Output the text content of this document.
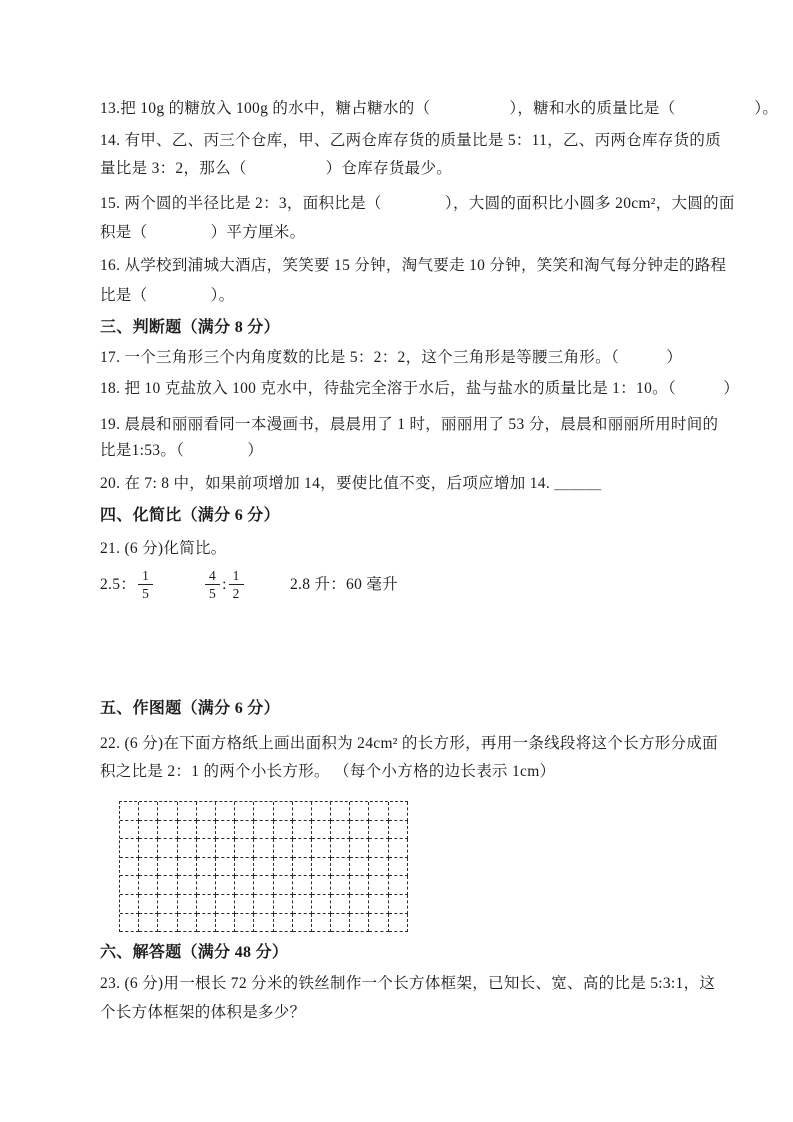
13.把 10g 的糖放入 100g 的水中，糖占糖水的（　　　　　），糖和水的质量比是（　　　　　）。
14. 有甲、乙、丙三个仓库，甲、乙两仓库存货的质量比是 5：11，乙、丙两仓库存货的质
量比是 3：2，那么（　　　　　）仓库存货最少。
15. 两个圆的半径比是 2：3，面积比是（　　　　），大圆的面积比小圆多 20cm²，大圆的面
积是（　　　　）平方厘米。
16. 从学校到浦城大酒店，笑笑要 15 分钟，淘气要走 10 分钟，笑笑和淘气每分钟走的路程
比是（　　　　）。
三、判断题（满分 8 分）
17. 一个三角形三个内角度数的比是 5：2：2，这个三角形是等腰三角形。（　　　）
18. 把 10 克盐放入 100 克水中，待盐完全溶于水后，盐与盐水的质量比是 1：10。（　　　）
19. 晨晨和丽丽看同一本漫画书，晨晨用了 1 时，丽丽用了 53 分，晨晨和丽丽所用时间的
比是1:53。（　　　　）
20. 在 7: 8 中，如果前项增加 14，要使比值不变，后项应增加 14. ＿＿＿
四、化简比（满分 6 分）
21. (6 分)化简比。
2.5： $\frac{1}{5}$	$\frac{4}{5}$ : $\frac{1}{2}$	2.8 升：60 毫升
五、作图题（满分 6 分）
22. (6 分)在下面方格纸上画出面积为 24cm² 的长方形，再用一条线段将这个长方形分成面
积之比是 2：1 的两个小长方形。 （每个小方格的边长表示 1cm）
六、解答题（满分 48 分）
23. (6 分)用一根长 72 分米的铁丝制作一个长方体框架，已知长、宽、高的比是 5:3:1，这
个长方体框架的体积是多少？
